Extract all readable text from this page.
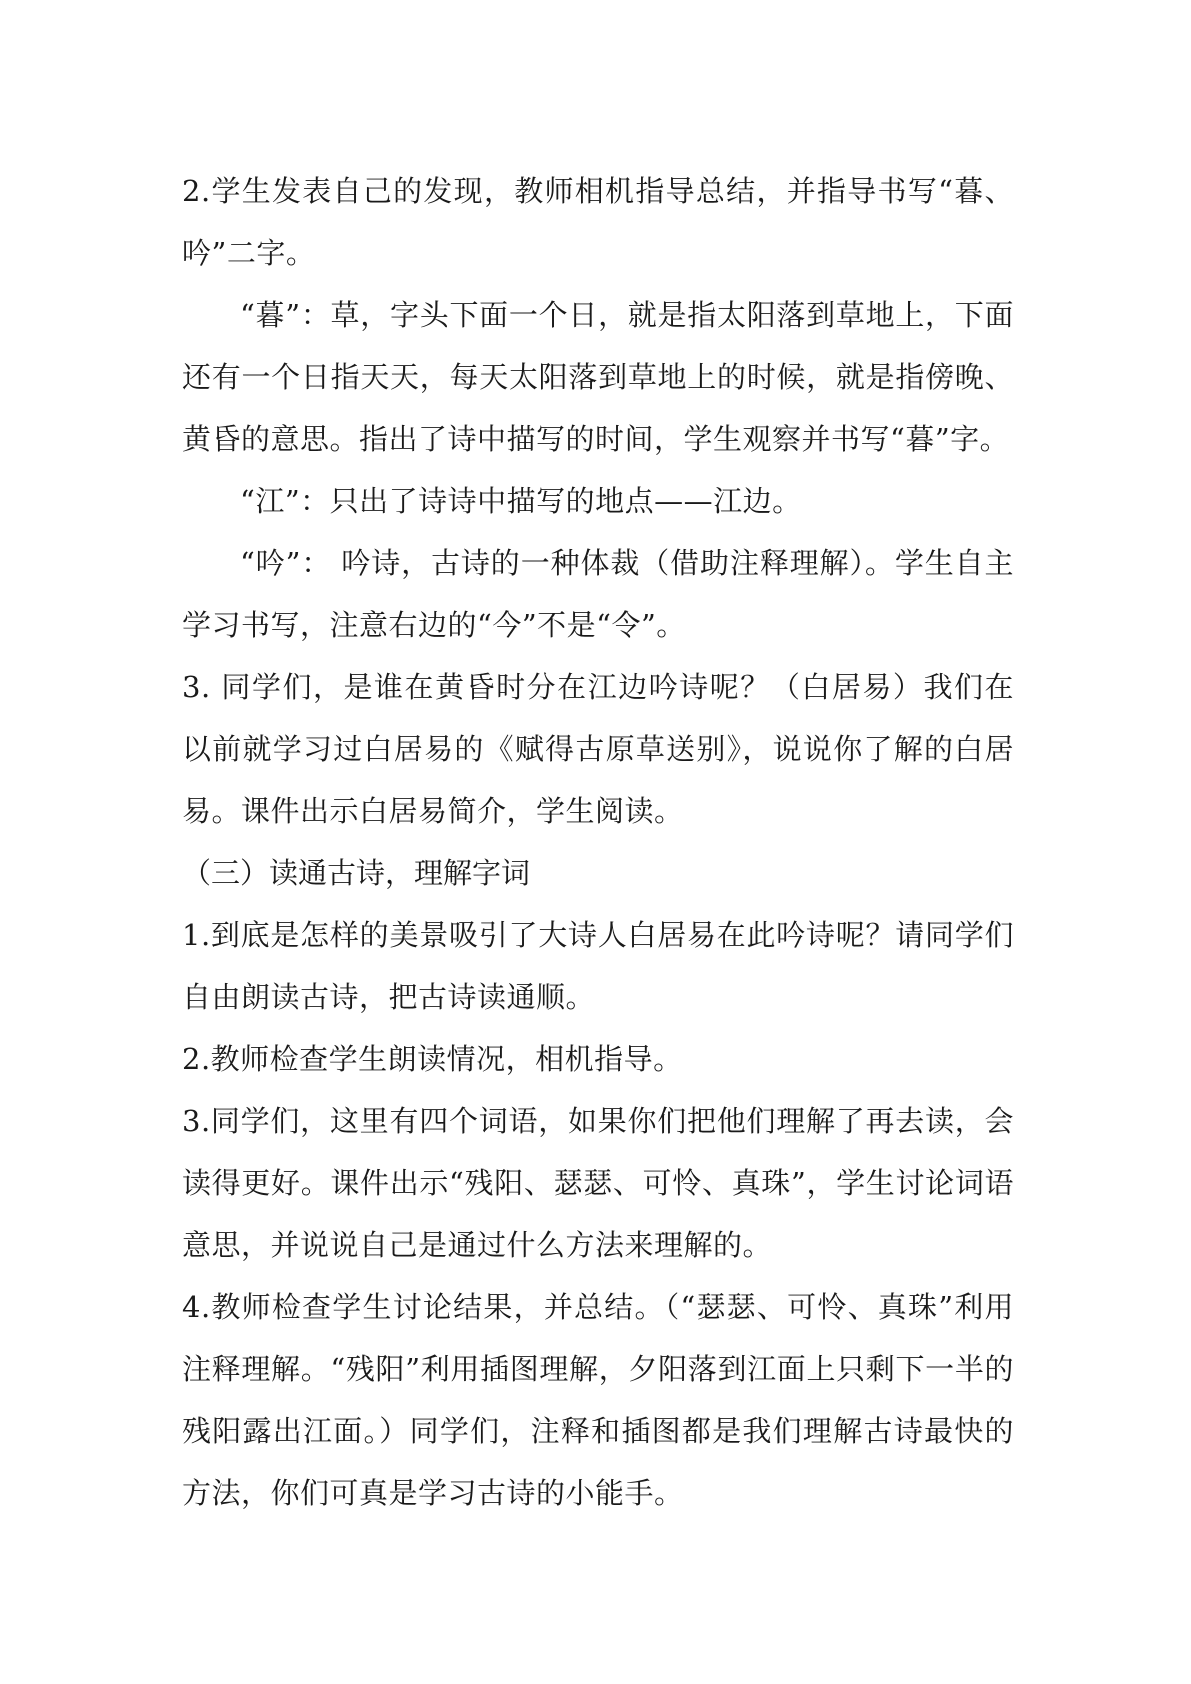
2.学生发表自己的发现，教师相机指导总结，并指导书写“暮、吟”二字。

“暮”：草，字头下面一个日，就是指太阳落到草地上，下面还有一个日指天天，每天太阳落到草地上的时候，就是指傍晚、黄昏的意思。指出了诗中描写的时间，学生观察并书写“暮”字。

“江”：只出了诗诗中描写的地点——江边。

“吟”： 吟诗，古诗的一种体裁（借助注释理解）。学生自主学习书写，注意右边的“今”不是“令”。

3. 同学们，是谁在黄昏时分在江边吟诗呢？（白居易）我们在以前就学习过白居易的《赋得古原草送别》，说说你了解的白居易。课件出示白居易简介，学生阅读。

（三）读通古诗，理解字词

1.到底是怎样的美景吸引了大诗人白居易在此吟诗呢？请同学们自由朗读古诗，把古诗读通顺。

2.教师检查学生朗读情况，相机指导。

3.同学们，这里有四个词语，如果你们把他们理解了再去读，会读得更好。课件出示“残阳、瑟瑟、可怜、真珠”，学生讨论词语意思，并说说自己是通过什么方法来理解的。

4.教师检查学生讨论结果，并总结。（“瑟瑟、可怜、真珠”利用注释理解。“残阳”利用插图理解，夕阳落到江面上只剩下一半的残阳露出江面。）同学们，注释和插图都是我们理解古诗最快的方法，你们可真是学习古诗的小能手。
